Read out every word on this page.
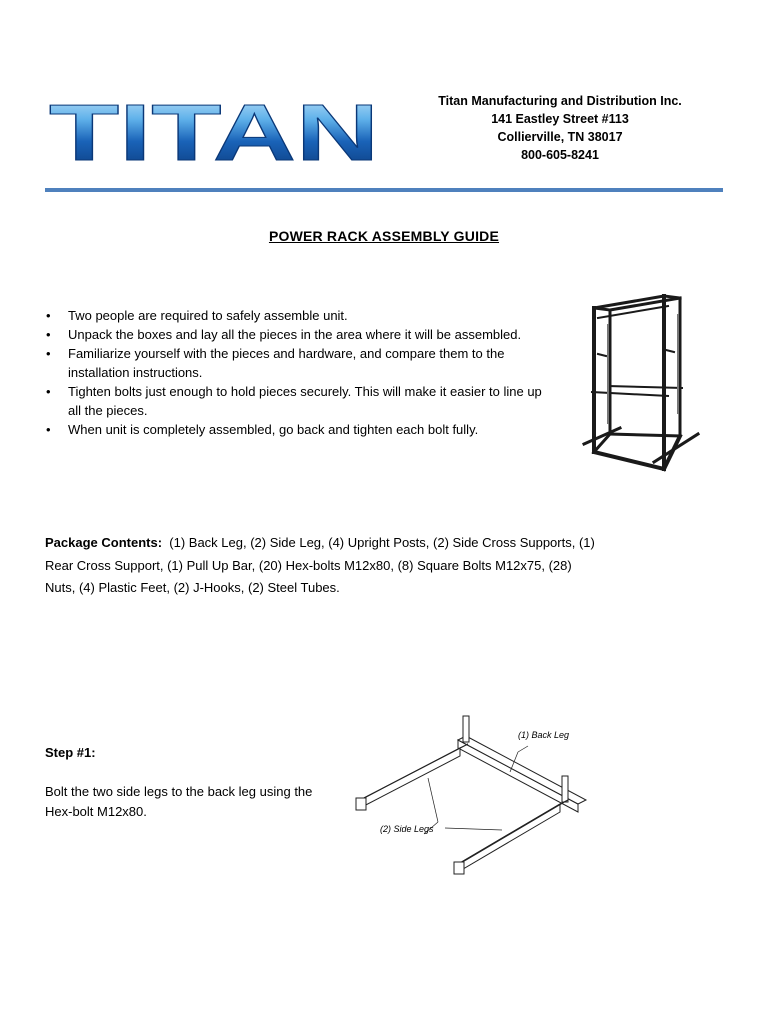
TITAN	Titan Manufacturing and Distribution Inc.
141 Eastley Street #113
Collierville, TN 38017
800-605-8241
POWER RACK ASSEMBLY GUIDE
• Two people are required to safely assemble unit.
• Unpack the boxes and lay all the pieces in the area where it will be assembled.
• Familiarize yourself with the pieces and hardware, and compare them to the installation instructions.
• Tighten bolts just enough to hold pieces securely. This will make it easier to line up all the pieces.
• When unit is completely assembled, go back and tighten each bolt fully.
Package Contents: (1) Back Leg, (2) Side Leg, (4) Upright Posts, (2) Side Cross Supports, (1) Rear Cross Support, (1) Pull Up Bar, (20) Hex-bolts M12x80, (8) Square Bolts M12x75, (28) Nuts, (4) Plastic Feet, (2) J-Hooks, (2) Steel Tubes.
Step #1:
Bolt the two side legs to the back leg using the Hex-bolt M12x80.
(1) Back Leg
(2) Side Legs
